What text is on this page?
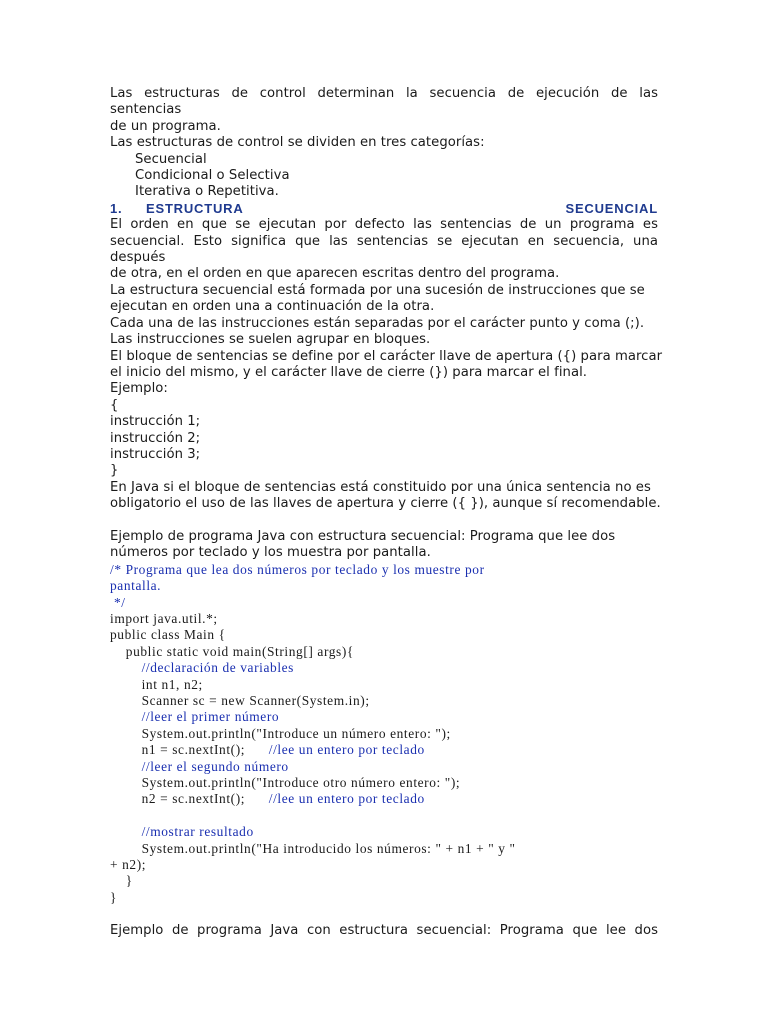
Las estructuras de control determinan la secuencia de ejecución de las sentencias
de un programa.
Las estructuras de control se dividen en tres categorías:
Secuencial
Condicional o Selectiva
Iterativa o Repetitiva.
1. ESTRUCTURA	SECUENCIAL
El orden en que se ejecutan por defecto las sentencias de un programa es
secuencial. Esto significa que las sentencias se ejecutan en secuencia, una después
de otra, en el orden en que aparecen escritas dentro del programa.
La estructura secuencial está formada por una sucesión de instrucciones que se
ejecutan en orden una a continuación de la otra.
Cada una de las instrucciones están separadas por el carácter punto y coma (;).
Las instrucciones se suelen agrupar en bloques.
El bloque de sentencias se define por el carácter llave de apertura ({) para marcar
el inicio del mismo, y el carácter llave de cierre (}) para marcar el final.
Ejemplo:
{
instrucción 1;
instrucción 2;
instrucción 3;
}
En Java si el bloque de sentencias está constituido por una única sentencia no es
obligatorio el uso de las llaves de apertura y cierre ({ }), aunque sí recomendable.
Ejemplo de programa Java con estructura secuencial: Programa que lee dos
números por teclado y los muestra por pantalla.
/* Programa que lea dos números por teclado y los muestre por
pantalla.
*/
import java.util.*;
public class Main {
public static void main(String[] args){
//declaración de variables
int n1, n2;
Scanner sc = new Scanner(System.in);
//leer el primer número
System.out.println("Introduce un número entero: ");
n1 = sc.nextInt(); //lee un entero por teclado
//leer el segundo número
System.out.println("Introduce otro número entero: ");
n2 = sc.nextInt(); //lee un entero por teclado

//mostrar resultado
System.out.println("Ha introducido los números: " + n1 + " y "
+ n2);
}
}
Ejemplo de programa Java con estructura secuencial: Programa que lee dos
